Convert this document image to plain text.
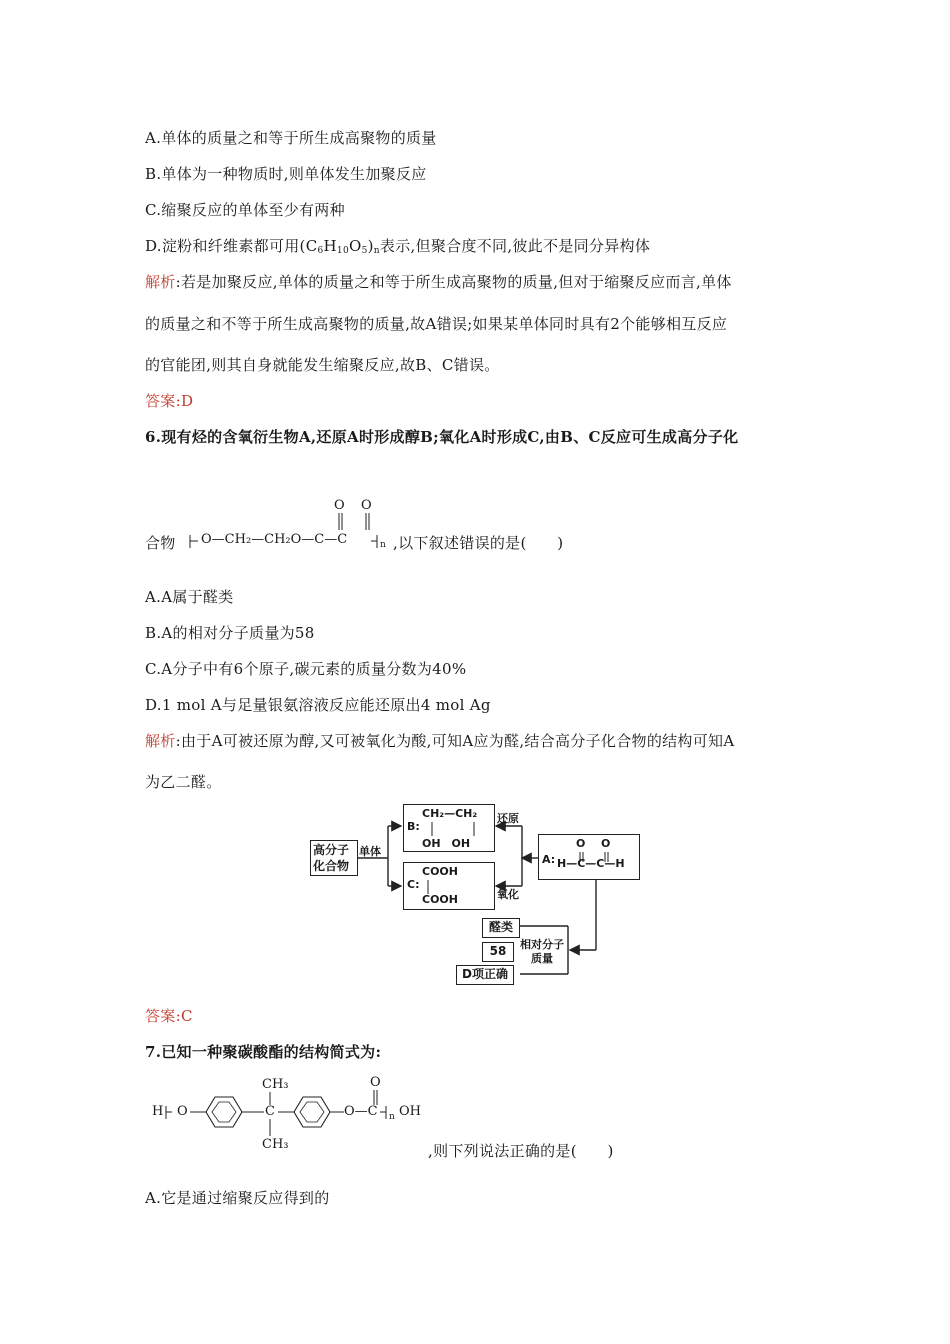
A.单体的质量之和等于所生成高聚物的质量
B.单体为一种物质时,则单体发生加聚反应
C.缩聚反应的单体至少有两种
D.淀粉和纤维素都可用$(C_6H_{10}O_5)_n$表示,但聚合度不同,彼此不是同分异构体
解析:若是加聚反应,单体的质量之和等于所生成高聚物的质量,但对于缩聚反应而言,单体
的质量之和不等于所生成高聚物的质量,故A错误;如果某单体同时具有2个能够相互反应
的官能团,则其自身就能发生缩聚反应,故B、C错误。
答案:D
6.现有烃的含氧衍生物A,还原A时形成醇B;氧化A时形成C,由B、C反应可生成高分子化
合物
O O
O—CH₂—CH₂O—C—C	n ,以下叙述错误的是(　　)
A.A属于醛类
B.A的相对分子质量为58
C.A分子中有6个原子,碳元素的质量分数为40%
D.1 mol A与足量银氨溶液反应能还原出4 mol Ag
解析:由于A可被还原为醇,又可被氧化为酸,可知A应为醛,结合高分子化合物的结构可知A
为乙二醛。
高分子
化合物
单体
B:
CH₂—CH₂
OH　OH
还原
C:
COOH
COOH	氧化
A: H—C—C—H
O O
醛类
58	相对分子
质量
D项正确
答案:C
7.已知一种聚碳酸酯的结构简式为:
CH₃	O
H O	C	O—C n OH
CH₃	,则下列说法正确的是(　　)
A.它是通过缩聚反应得到的
